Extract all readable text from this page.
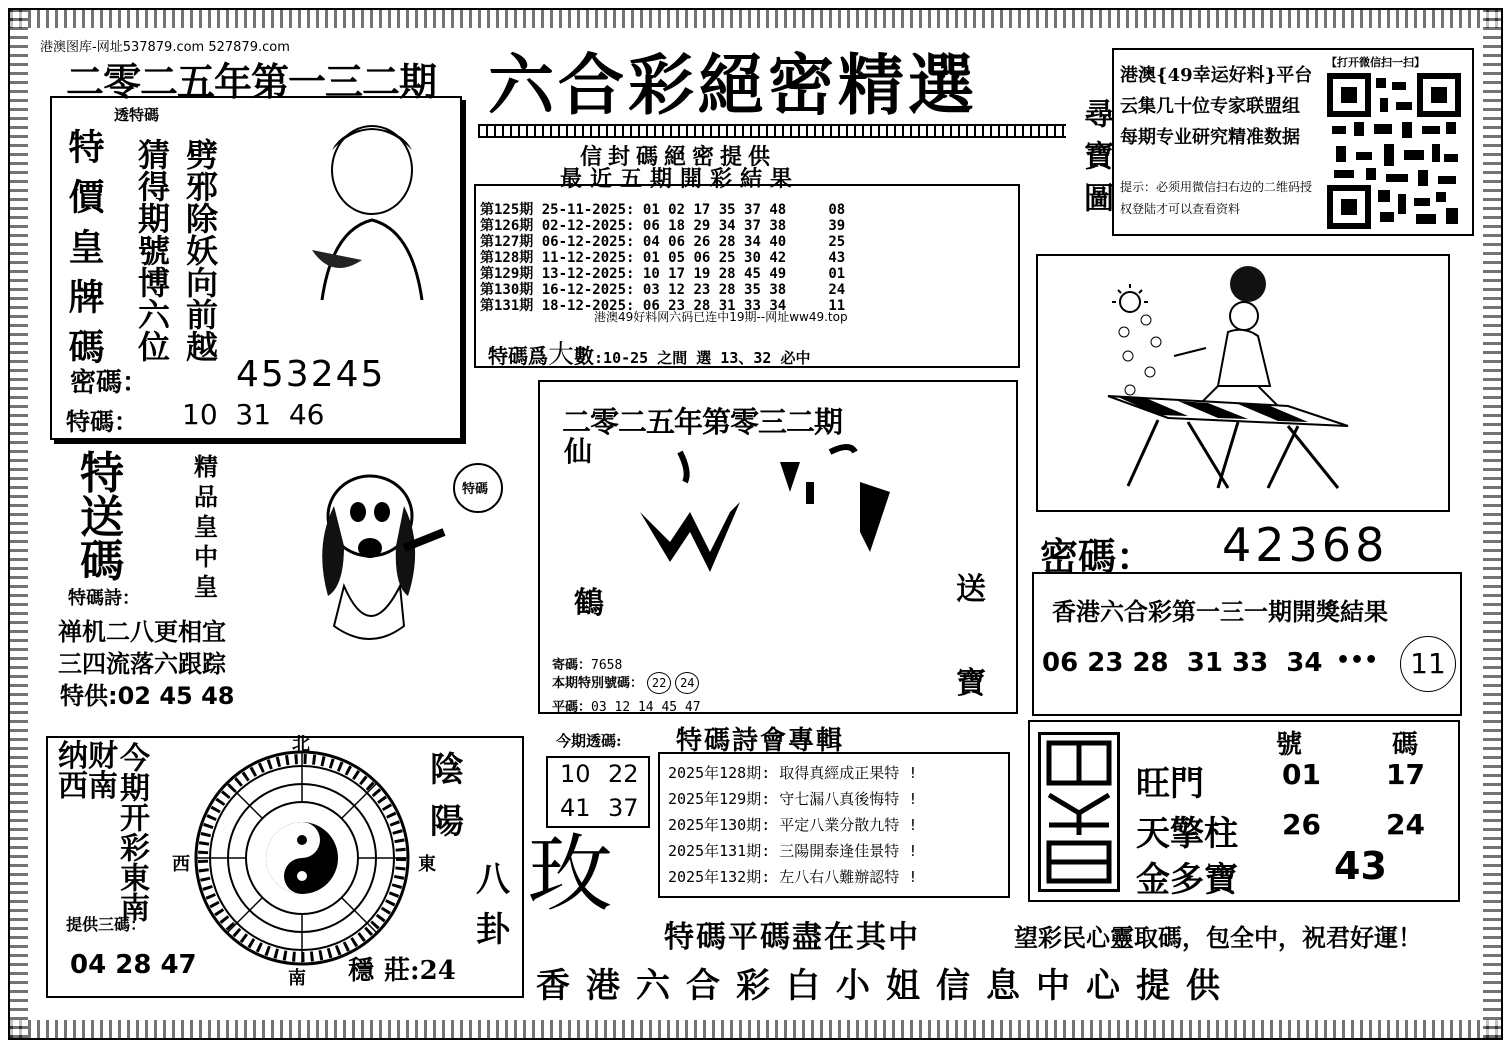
港澳图库-网址537879.com 527879.com
二零二五年第一三二期 六合彩絕密精選	港澳{49幸运好料}平台
云集几十位专家联盟组
每期专业研究精准数据
提示：必须用微信扫右边的二维码授权登陆才可以查看资料
【打开微信扫一扫】
尋寶圖
透特碼
特價皇牌碼 猜得期號博六位 劈邪除妖向前越
密碼： 453245
特碼： 10  31  46
信封碼絕密提供
最近五期開彩結果
第125期 25-11-2025: 01 02 17 35 37 48	08
第126期 02-12-2025: 06 18 29 34 37 38	39
第127期 06-12-2025: 04 06 26 28 34 40	25
第128期 11-12-2025: 01 05 06 25 30 42	43
第129期 13-12-2025: 10 17 19 28 45 49	01
第130期 16-12-2025: 03 12 23 28 35 38	24
第131期 18-12-2025: 06 23 28 31 33 34	11
港澳49好料网六码已连中19期--网址ww49.top
特碼爲大數:10-25 之間 選 13、32 必中
二零二五年第零三二期
仙
鶴	送
寶
寄碼：7658
本期特別號碼： 22 24
平碼：03 12 14 45 47
密碼： 42368
香港六合彩第一三一期開獎結果
06 23 28  31 33  34 •••	11
特
送
碼
精
品
皇
中
皇
特碼
特碼詩：
禅机二八更相宜
三四流落六跟踪
特供:02 45 48
纳财西南
今期开彩東南
提供三碼：
04 28 47
北
南
東
西
陰
陽
八
卦
穩 莊:24
今期透碼:
10 22
41 37
玫
特碼詩會專輯
2025年128期: 取得真經成正果特 !
2025年129期: 守七漏八真後悔特 !
2025年130期: 平定八業分散九特 !
2025年131期: 三陽開泰逢佳景特 !
2025年132期: 左八右八難辦認特 !
號	碼
旺門	01 17
天擎柱 26 24
金多寶	43
特碼平碼盡在其中	望彩民心靈取碼，包全中，祝君好運！
香港六合彩白小姐信息中心提供
